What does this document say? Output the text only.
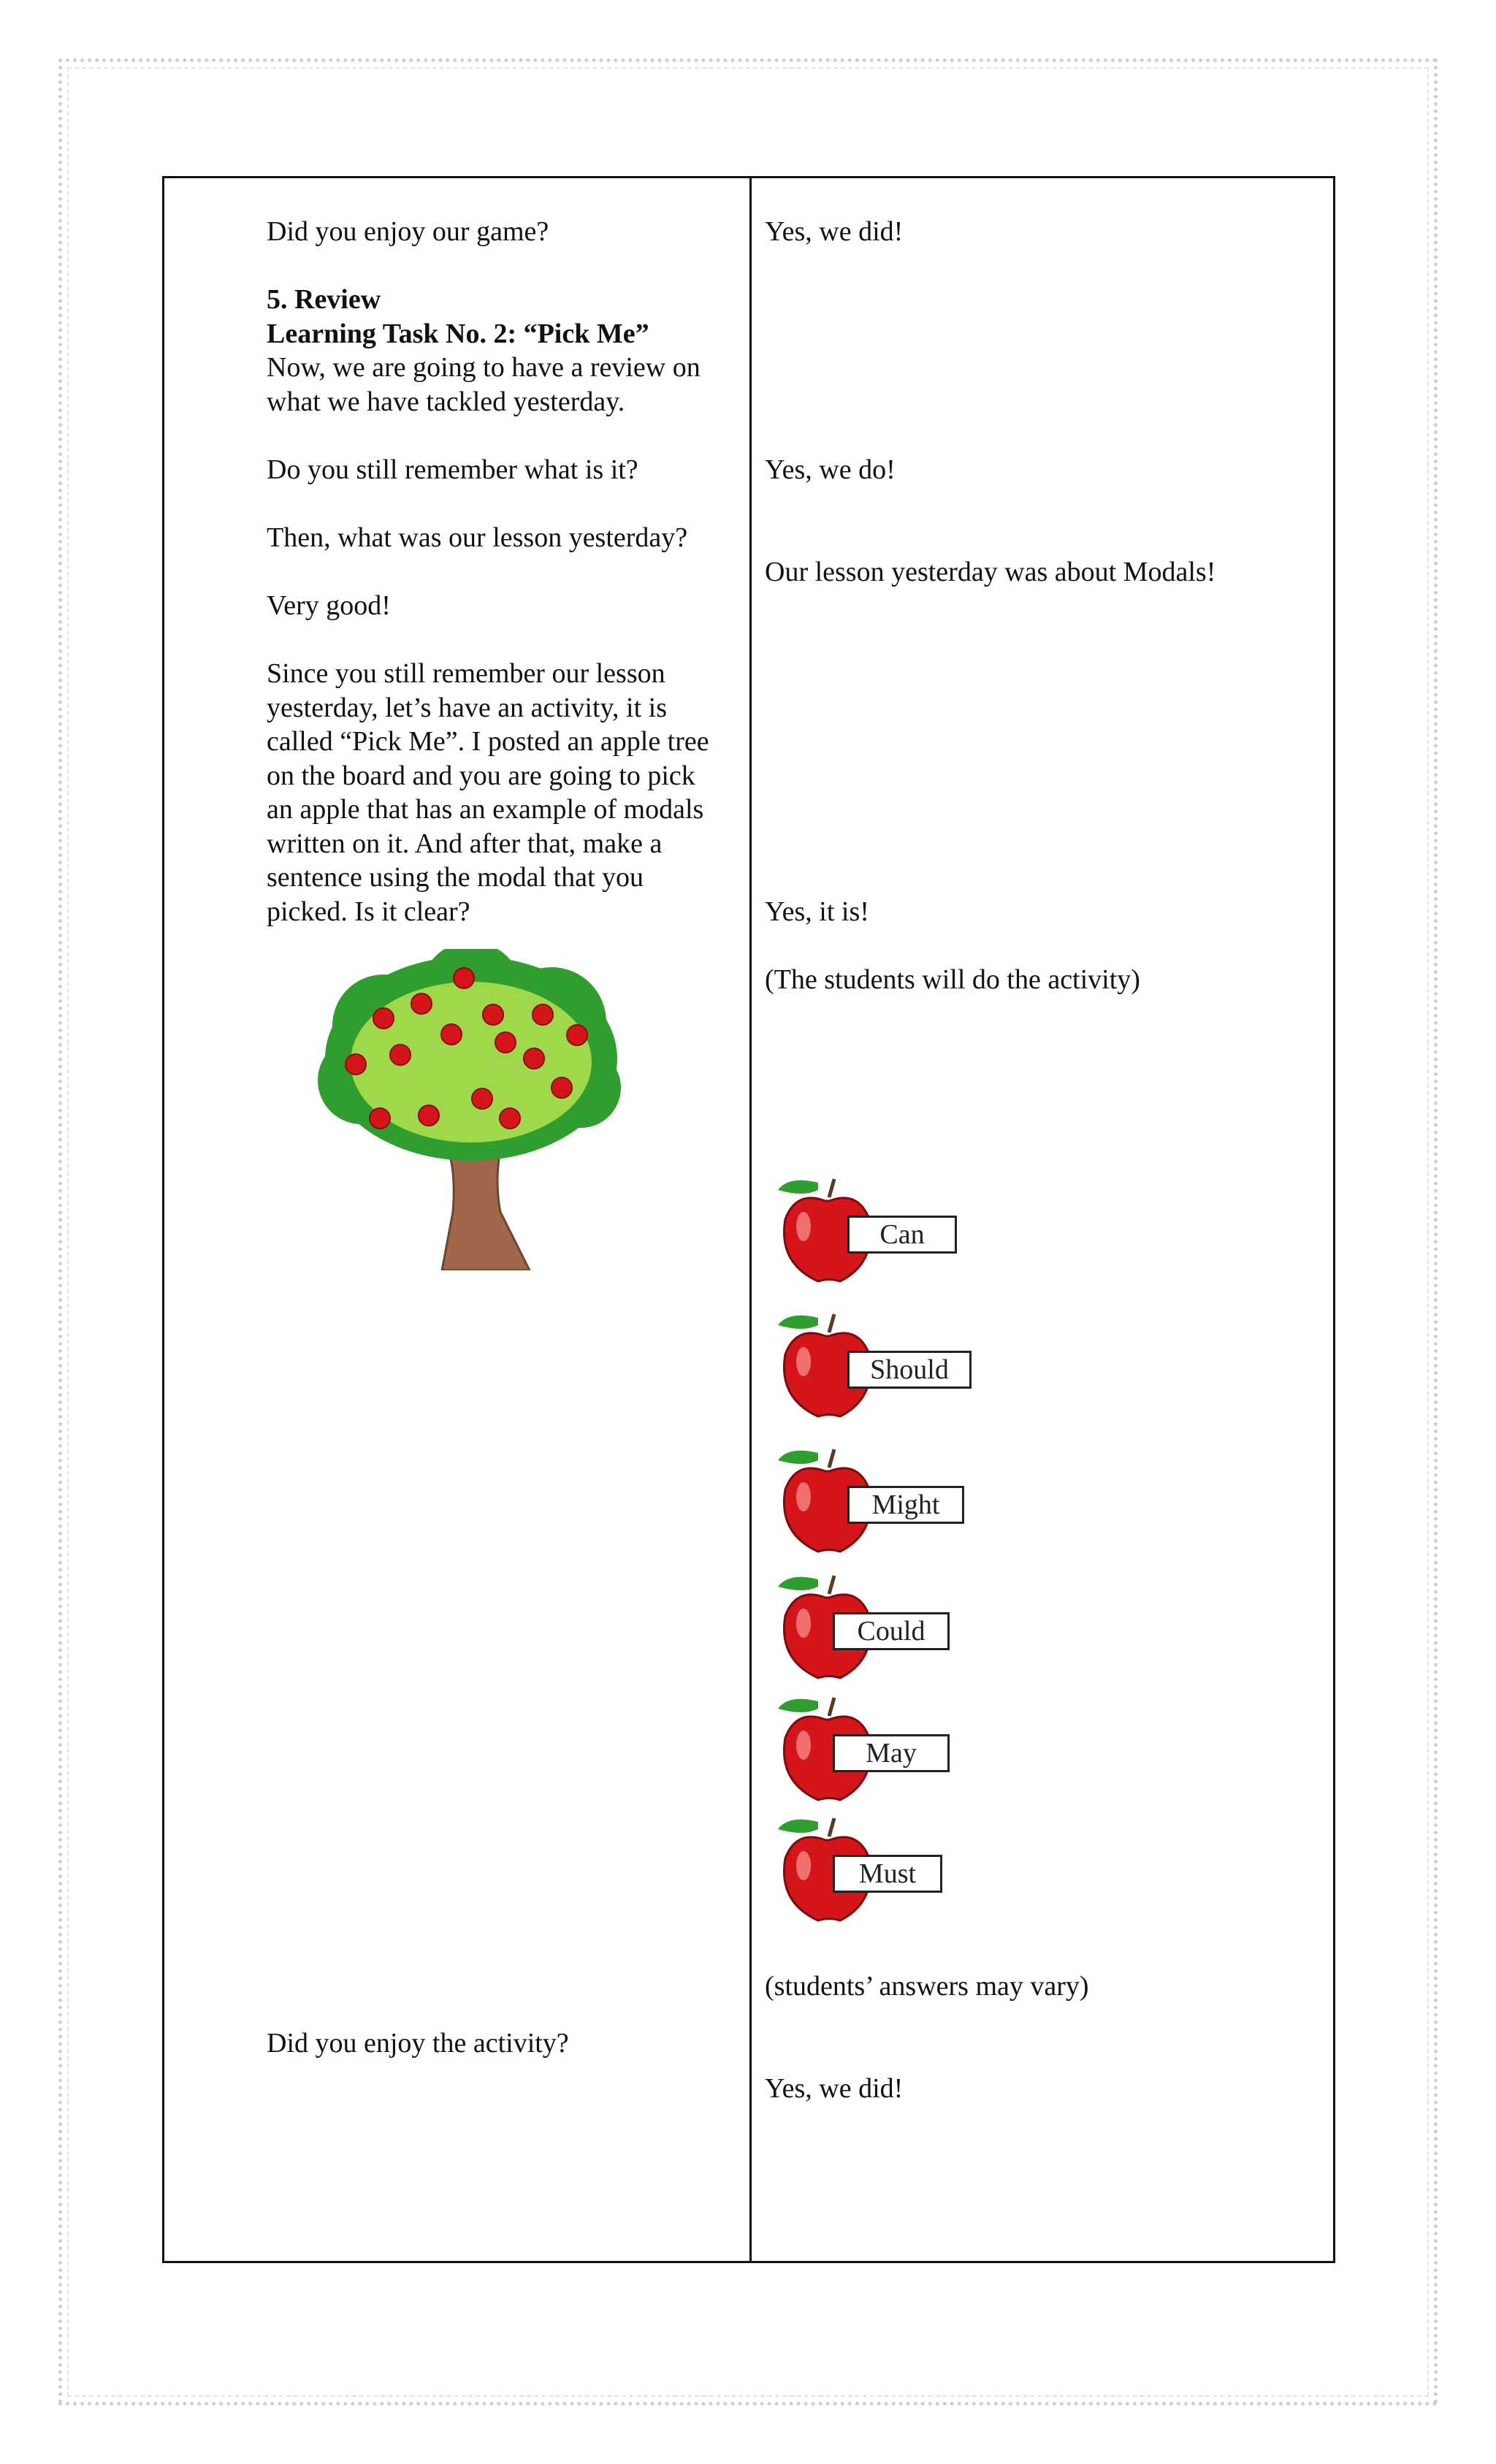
Did you enjoy our game?
5. Review
Learning Task No. 2: “Pick Me”
Now, we are going to have a review on
what we have tackled yesterday.
Do you still remember what is it?
Then, what was our lesson yesterday?
Very good!
Since you still remember our lesson
yesterday, let’s have an activity, it is
called “Pick Me”. I posted an apple tree
on the board and you are going to pick
an apple that has an example of modals
written on it. And after that, make a
sentence using the modal that you
picked. Is it clear?
Did you enjoy the activity?
Yes, we did!
Yes, we do!
Our lesson yesterday was about Modals!
Yes, it is!
(The students will do the activity)
Can
Should
Might
Could
May
Must
(students’ answers may vary)
Yes, we did!
